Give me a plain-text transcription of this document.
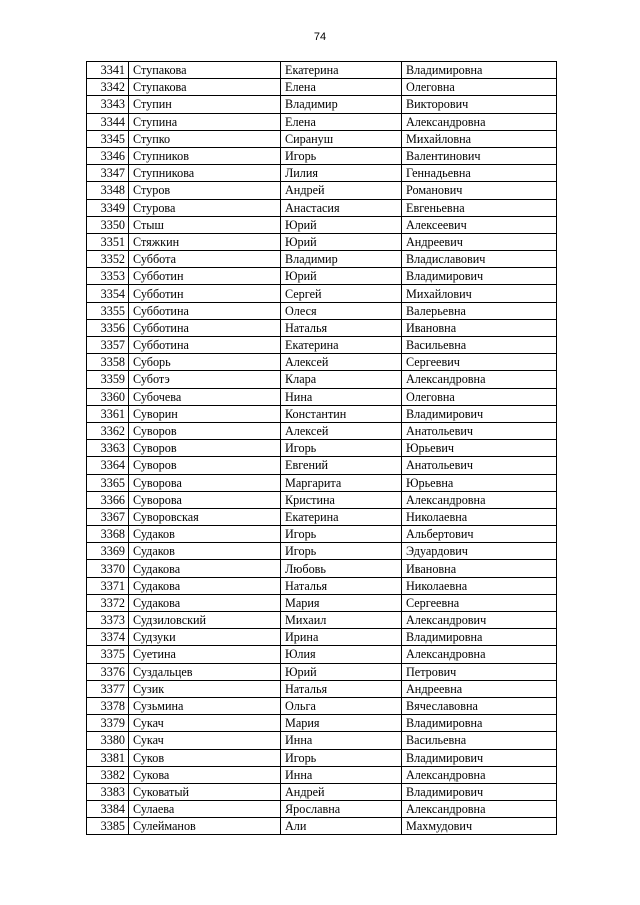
74
3341	Ступакова	Екатерина	Владимировна
3342	Ступакова	Елена	Олеговна
3343	Ступин	Владимир	Викторович
3344	Ступина	Елена	Александровна
3345	Ступко	Сирануш	Михайловна
3346	Ступников	Игорь	Валентинович
3347	Ступникова	Лилия	Геннадьевна
3348	Стуров	Андрей	Романович
3349	Стурова	Анастасия	Евгеньевна
3350	Стыш	Юрий	Алексеевич
3351	Стяжкин	Юрий	Андреевич
3352	Суббота	Владимир	Владиславович
3353	Субботин	Юрий	Владимирович
3354	Субботин	Сергей	Михайлович
3355	Субботина	Олеся	Валерьевна
3356	Субботина	Наталья	Ивановна
3357	Субботина	Екатерина	Васильевна
3358	Суборь	Алексей	Сергеевич
3359	Суботэ	Клара	Александровна
3360	Субочева	Нина	Олеговна
3361	Суворин	Константин	Владимирович
3362	Суворов	Алексей	Анатольевич
3363	Суворов	Игорь	Юрьевич
3364	Суворов	Евгений	Анатольевич
3365	Суворова	Маргарита	Юрьевна
3366	Суворова	Кристина	Александровна
3367	Суворовская	Екатерина	Николаевна
3368	Судаков	Игорь	Альбертович
3369	Судаков	Игорь	Эдуардович
3370	Судакова	Любовь	Ивановна
3371	Судакова	Наталья	Николаевна
3372	Судакова	Мария	Сергеевна
3373	Судзиловский	Михаил	Александрович
3374	Судзуки	Ирина	Владимировна
3375	Суетина	Юлия	Александровна
3376	Суздальцев	Юрий	Петрович
3377	Сузик	Наталья	Андреевна
3378	Сузьмина	Ольга	Вячеславовна
3379	Сукач	Мария	Владимировна
3380	Сукач	Инна	Васильевна
3381	Суков	Игорь	Владимирович
3382	Сукова	Инна	Александровна
3383	Суковатый	Андрей	Владимирович
3384	Сулаева	Ярославна	Александровна
3385	Сулейманов	Али	Махмудович
